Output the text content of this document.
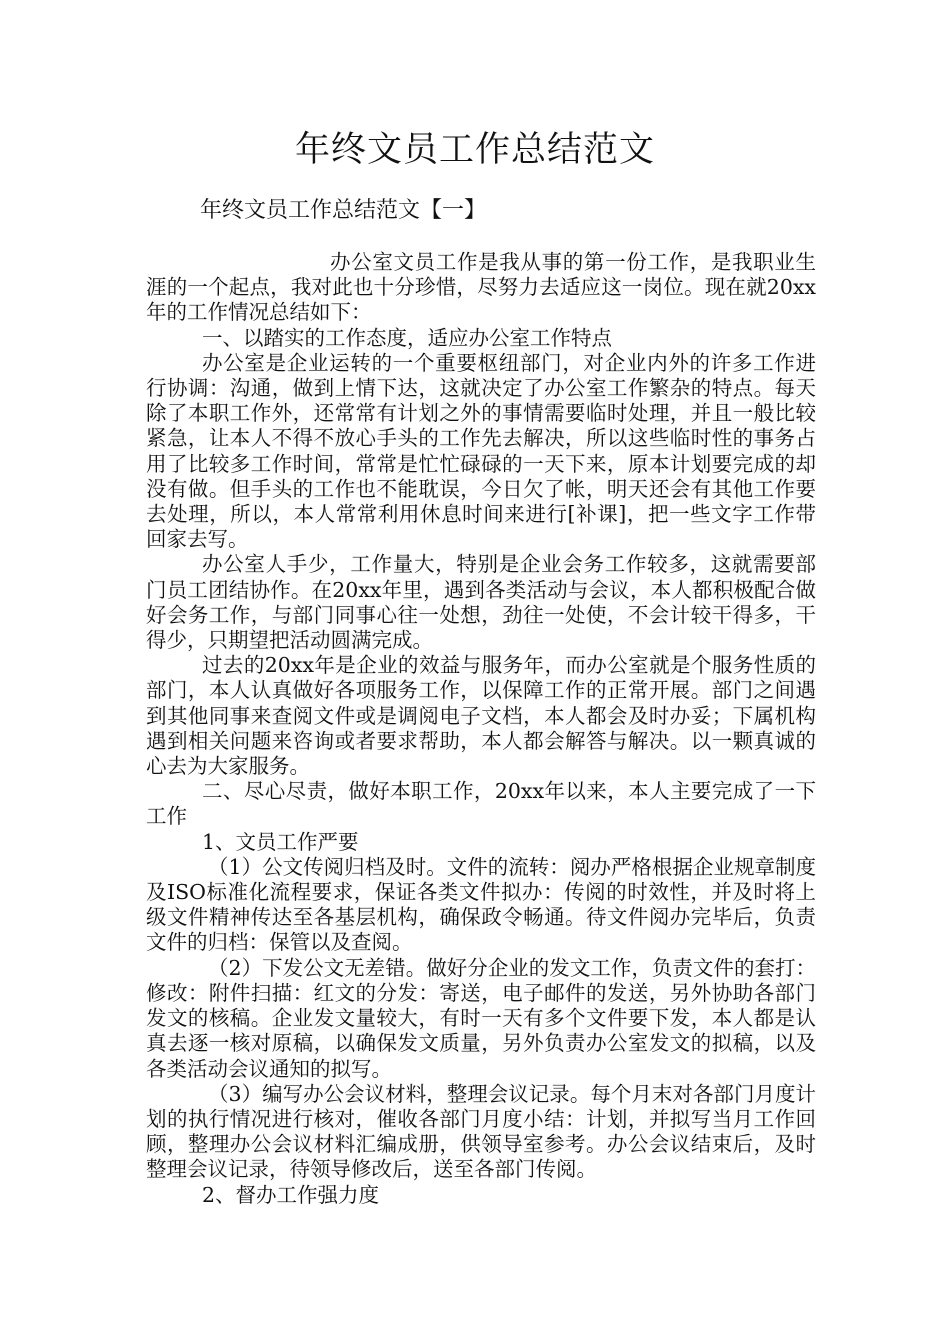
年终文员工作总结范文
年终文员工作总结范文【一】

办公室文员工作是我从事的第一份工作，是我职业生涯的一个起点，我对此也十分珍惜，尽努力去适应这一岗位。现在就20xx年的工作情况总结如下：

一、以踏实的工作态度，适应办公室工作特点

办公室是企业运转的一个重要枢纽部门，对企业内外的许多工作进行协调：沟通，做到上情下达，这就决定了办公室工作繁杂的特点。每天除了本职工作外，还常常有计划之外的事情需要临时处理，并且一般比较紧急，让本人不得不放心手头的工作先去解决，所以这些临时性的事务占用了比较多工作时间，常常是忙忙碌碌的一天下来，原本计划要完成的却没有做。但手头的工作也不能耽误，今日欠了帐，明天还会有其他工作要去处理，所以，本人常常利用休息时间来进行[补课]，把一些文字工作带回家去写。

办公室人手少，工作量大，特别是企业会务工作较多，这就需要部门员工团结协作。在20xx年里，遇到各类活动与会议，本人都积极配合做好会务工作，与部门同事心往一处想，劲往一处使，不会计较干得多，干得少，只期望把活动圆满完成。

过去的20xx年是企业的效益与服务年，而办公室就是个服务性质的部门，本人认真做好各项服务工作，以保障工作的正常开展。部门之间遇到其他同事来查阅文件或是调阅电子文档，本人都会及时办妥；下属机构遇到相关问题来咨询或者要求帮助，本人都会解答与解决。以一颗真诚的心去为大家服务。

二、尽心尽责，做好本职工作，20xx年以来，本人主要完成了一下工作

1、文员工作严要

（1）公文传阅归档及时。文件的流转：阅办严格根据企业规章制度及ISO标准化流程要求，保证各类文件拟办：传阅的时效性，并及时将上级文件精神传达至各基层机构，确保政令畅通。待文件阅办完毕后，负责文件的归档：保管以及查阅。

（2）下发公文无差错。做好分企业的发文工作，负责文件的套打：修改：附件扫描：红文的分发：寄送，电子邮件的发送，另外协助各部门发文的核稿。企业发文量较大，有时一天有多个文件要下发，本人都是认真去逐一核对原稿，以确保发文质量，另外负责办公室发文的拟稿，以及各类活动会议通知的拟写。

（3）编写办公会议材料，整理会议记录。每个月末对各部门月度计划的执行情况进行核对，催收各部门月度小结：计划，并拟写当月工作回顾，整理办公会议材料汇编成册，供领导室参考。办公会议结束后，及时整理会议记录，待领导修改后，送至各部门传阅。

2、督办工作强力度
